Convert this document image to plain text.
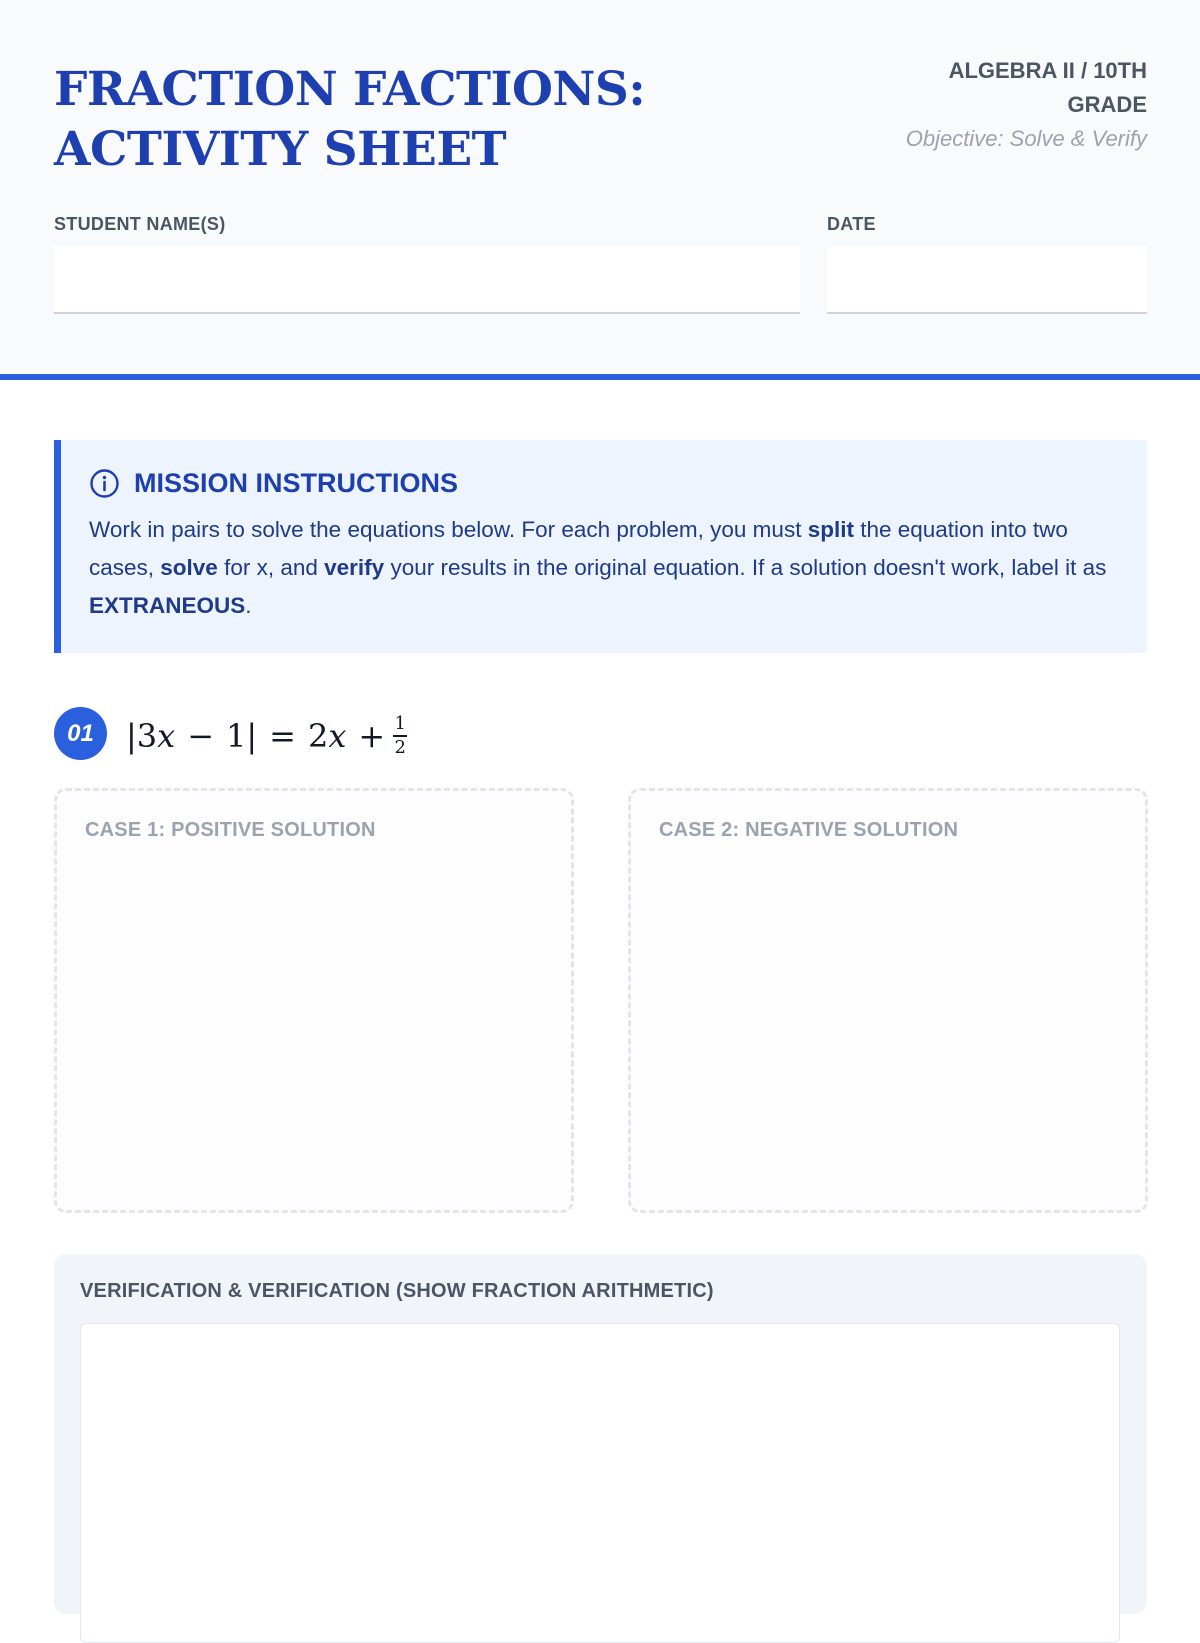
FRACTION FACTIONS: ACTIVITY SHEET
ALGEBRA II / 10TH GRADE
Objective: Solve & Verify
STUDENT NAME(S)	DATE
MISSION INSTRUCTIONS

Work in pairs to solve the equations below. For each problem, you must split the equation into two cases, solve for x, and verify your results in the original equation. If a solution doesn't work, label it as EXTRANEOUS.

01	| 3 x − 1 | = 2 $x + \frac{1}{2}$
CASE 1: POSITIVE SOLUTION	CASE 2: NEGATIVE SOLUTION
VERIFICATION & VERIFICATION (SHOW FRACTION ARITHMETIC)
